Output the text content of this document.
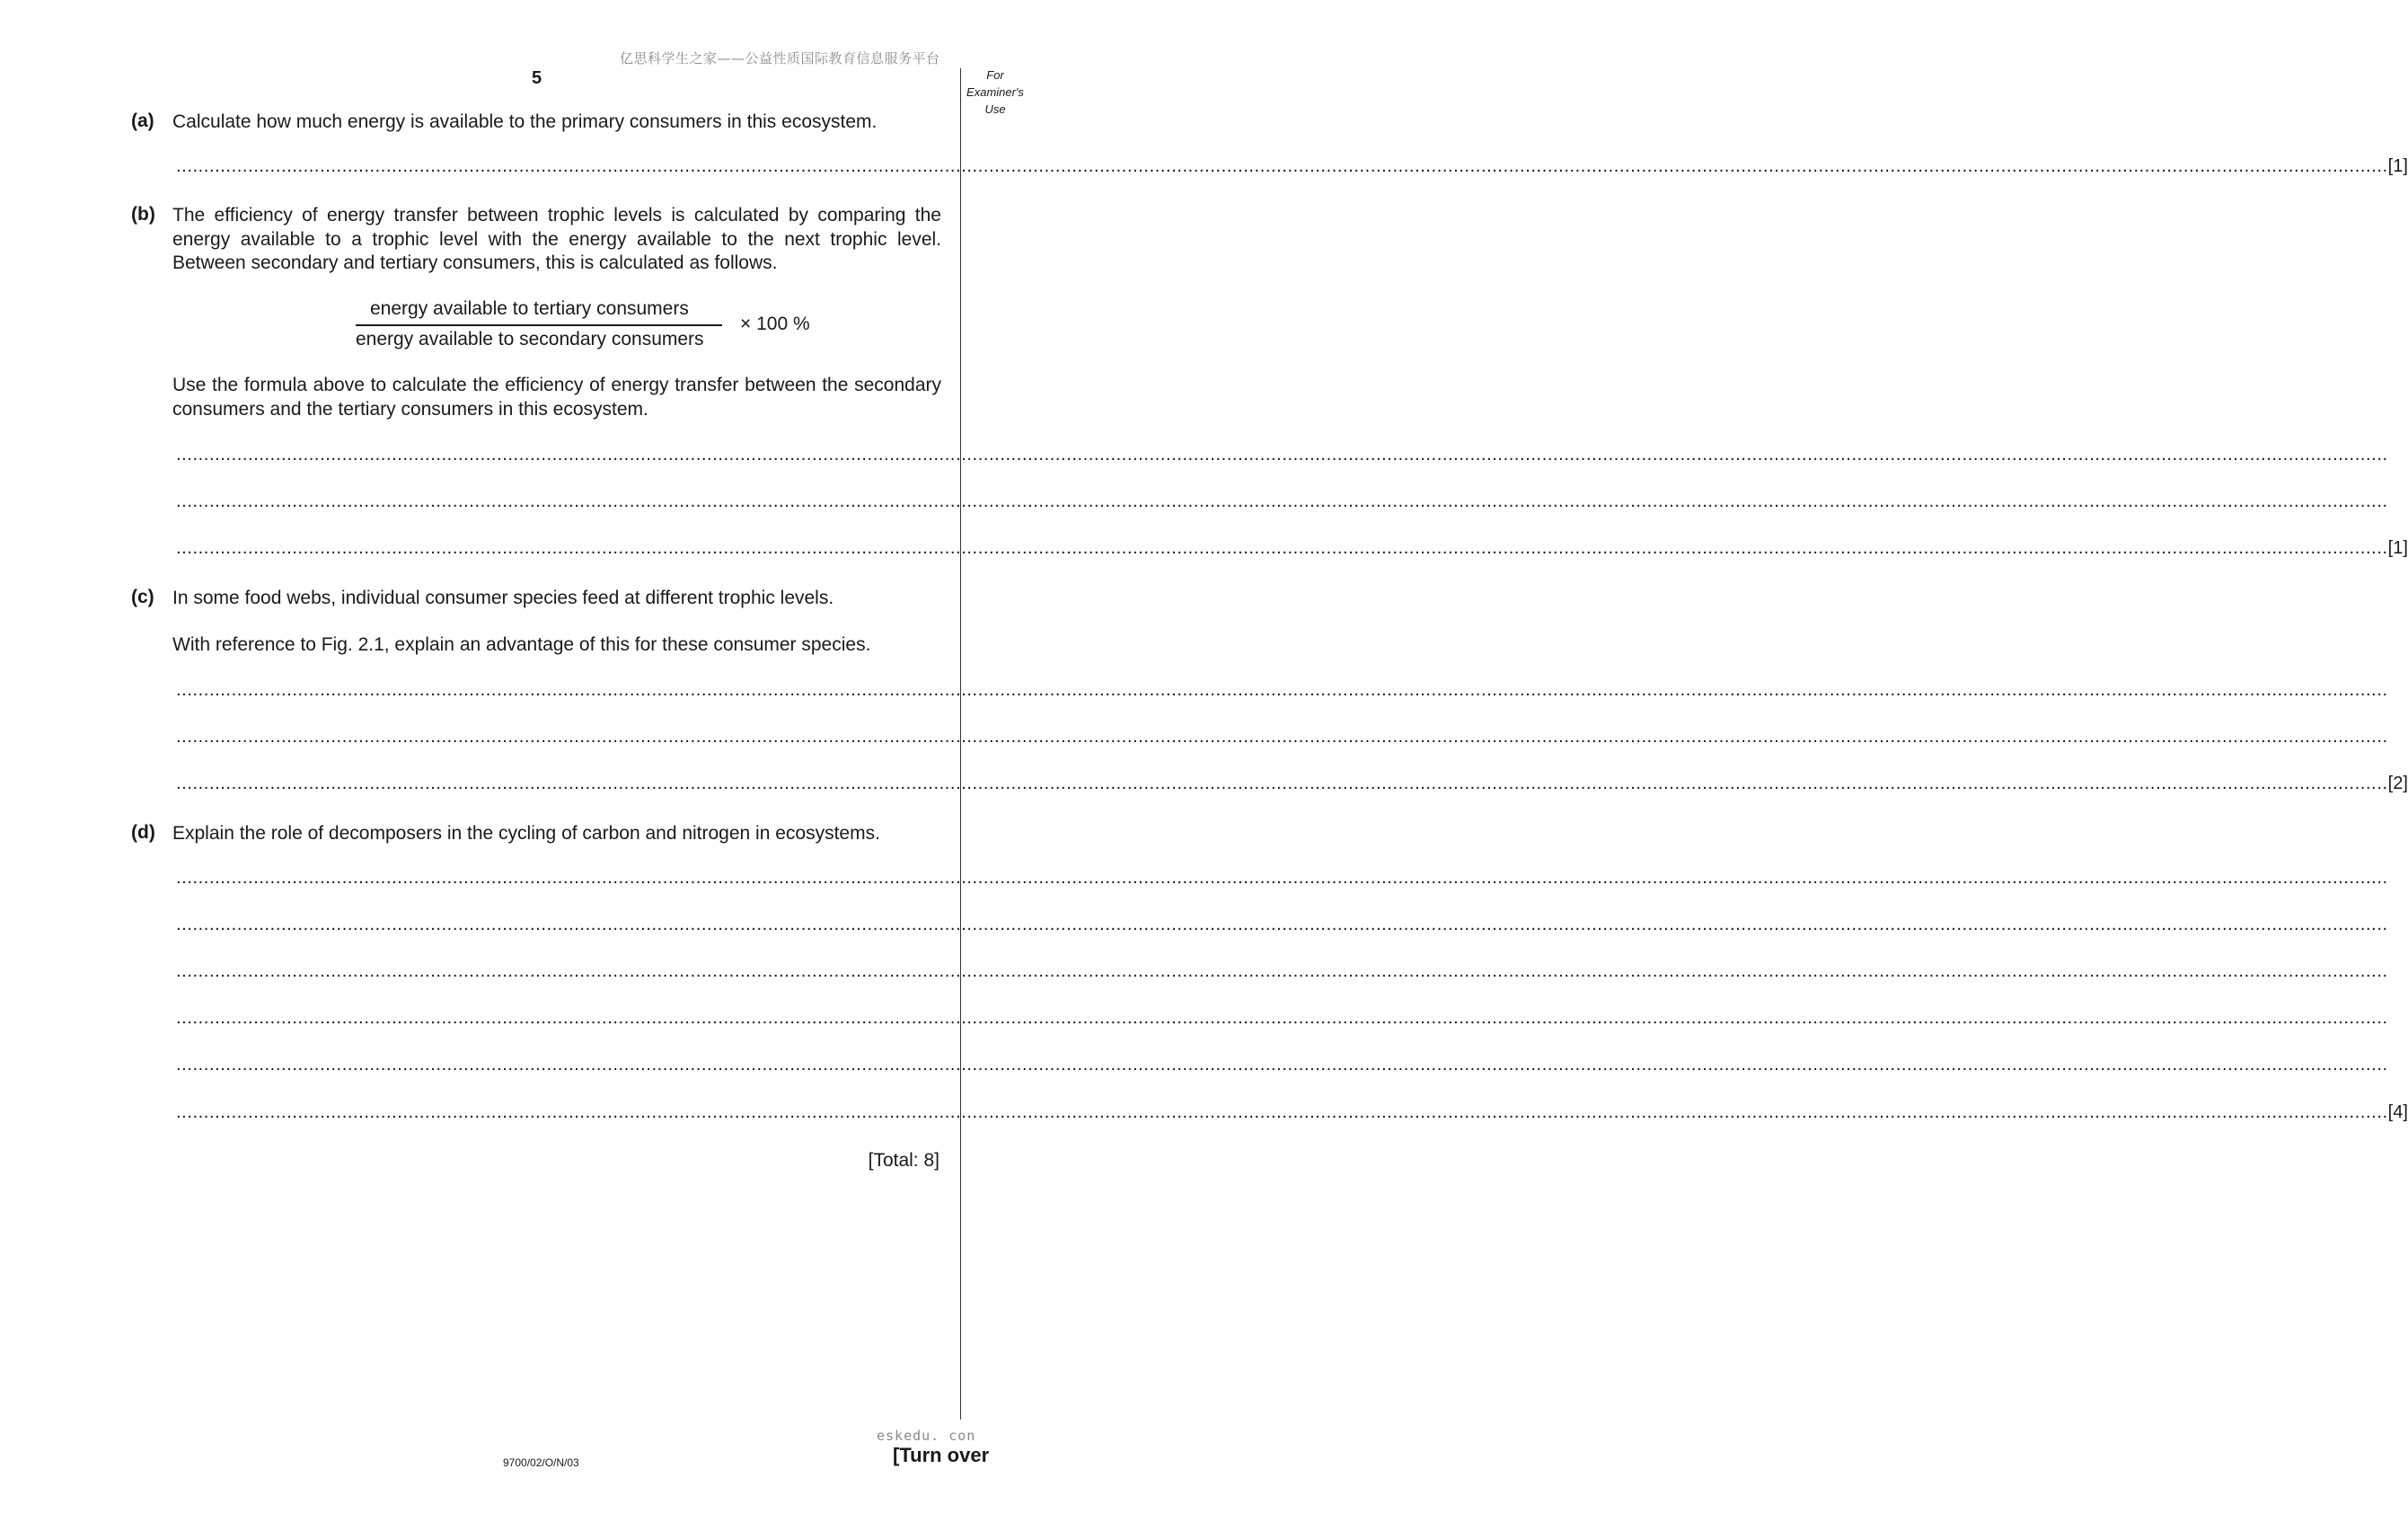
亿思科学生之家——公益性质国际教育信息服务平台
5	For
Examiner's
Use
(a) Calculate how much energy is available to the primary consumers in this ecosystem.
................................................................................................................................................................................................................................................................................................................................................................................................................ [1]
(b) The efficiency of energy transfer between trophic levels is calculated by comparing the energy available to a trophic level with the energy available to the next trophic level. Between secondary and tertiary consumers, this is calculated as follows.
energy available to tertiary consumers
energy available to secondary consumers
× 100 %
Use the formula above to calculate the efficiency of energy transfer between the secondary consumers and the tertiary consumers in this ecosystem.
................................................................................................................................................................................................................................................................................................................................................................................................................
................................................................................................................................................................................................................................................................................................................................................................................................................
................................................................................................................................................................................................................................................................................................................................................................................................................ [1]
(c) In some food webs, individual consumer species feed at different trophic levels.
With reference to Fig. 2.1, explain an advantage of this for these consumer species.
................................................................................................................................................................................................................................................................................................................................................................................................................
................................................................................................................................................................................................................................................................................................................................................................................................................
................................................................................................................................................................................................................................................................................................................................................................................................................ [2]
(d) Explain the role of decomposers in the cycling of carbon and nitrogen in ecosystems.
................................................................................................................................................................................................................................................................................................................................................................................................................
................................................................................................................................................................................................................................................................................................................................................................................................................
................................................................................................................................................................................................................................................................................................................................................................................................................
................................................................................................................................................................................................................................................................................................................................................................................................................
................................................................................................................................................................................................................................................................................................................................................................................................................
................................................................................................................................................................................................................................................................................................................................................................................................................ [4]
[Total: 8]
9700/02/O/N/03
eskedu. con
[Turn over
